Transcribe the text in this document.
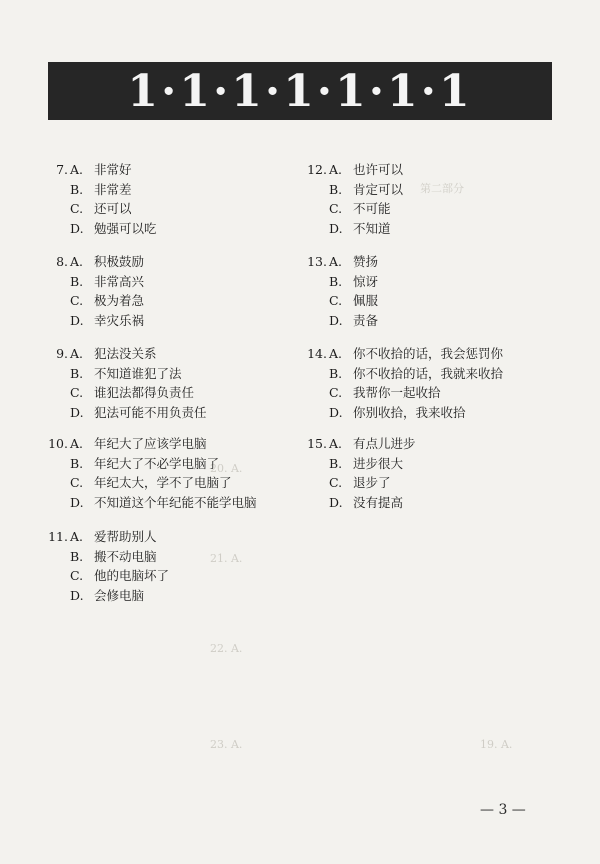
1·1·1·1·1·1·1
第二部分
20. A.
21. A.
22. A.
23. A.	19. A.
7. A. 非常好
B. 非常差
C. 还可以
D. 勉强可以吃
8. A. 积极鼓励
B. 非常高兴
C. 极为着急
D. 幸灾乐祸
9. A. 犯法没关系
B. 不知道谁犯了法
C. 谁犯法都得负责任
D. 犯法可能不用负责任
10. A. 年纪大了应该学电脑
B. 年纪大了不必学电脑了
C. 年纪太大，学不了电脑了
D. 不知道这个年纪能不能学电脑
11. A. 爱帮助别人
B. 搬不动电脑
C. 他的电脑坏了
D. 会修电脑
12. A. 也许可以
B. 肯定可以
C. 不可能
D. 不知道
13. A. 赞扬
B. 惊讶
C. 佩服
D. 责备
14. A. 你不收拾的话，我会惩罚你
B. 你不收拾的话，我就来收拾
C. 我帮你一起收拾
D. 你别收拾，我来收拾
15. A. 有点儿进步
B. 进步很大
C. 退步了
D. 没有提高
— 3 —
